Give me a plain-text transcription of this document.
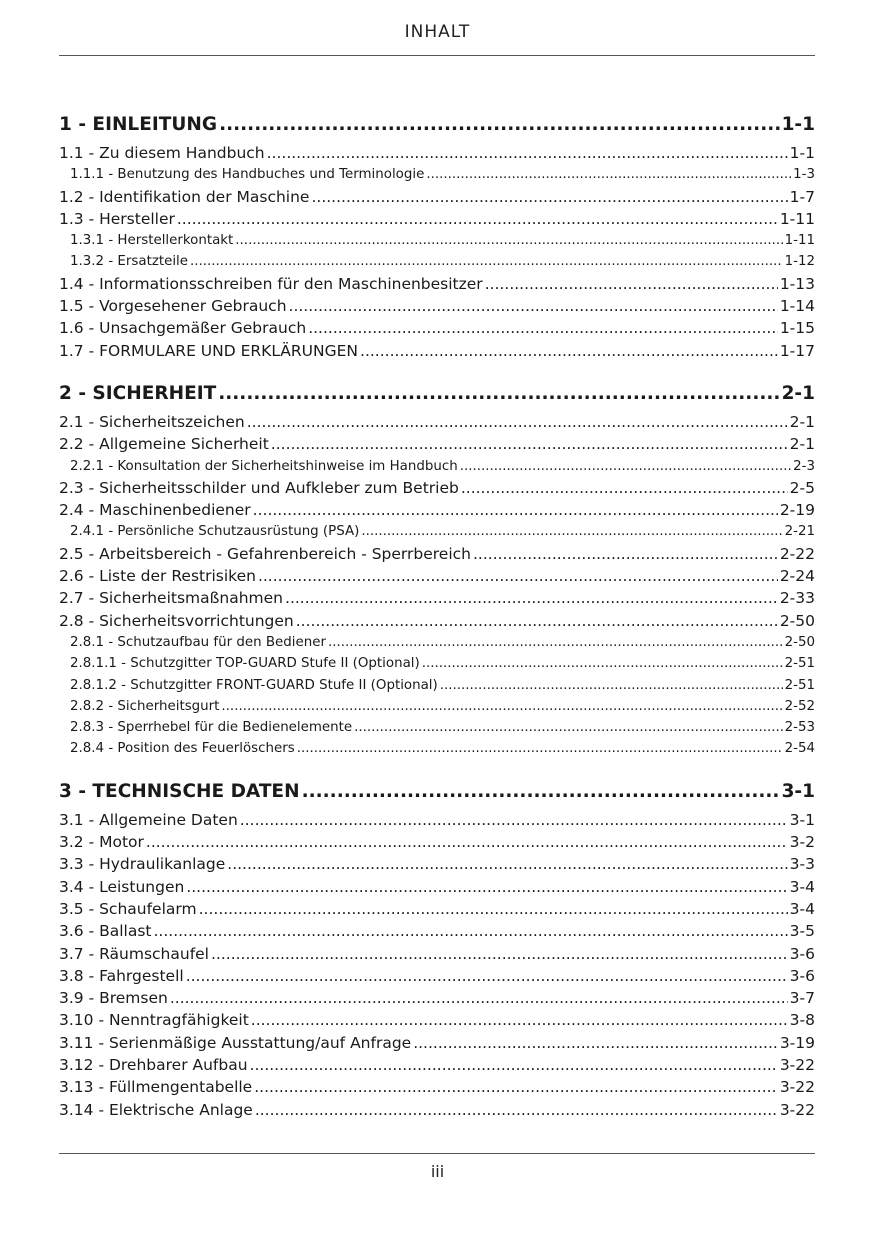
INHALT
1 - EINLEITUNG .....	1-1
1.1 - Zu diesem Handbuch .....	1-1
1.1.1 - Benutzung des Handbuches und Terminologie .....	1-3
1.2 - Identifikation der Maschine .....	1-7
1.3 - Hersteller .....	1-11
1.3.1 - Herstellerkontakt .....	1-11
1.3.2 - Ersatzteile .....	1-12
1.4 - Informationsschreiben für den Maschinenbesitzer .....	1-13
1.5 - Vorgesehener Gebrauch .....	1-14
1.6 - Unsachgemäßer Gebrauch .....	1-15
1.7 - FORMULARE UND ERKLÄRUNGEN .....	1-17
2 - SICHERHEIT .....	2-1
2.1 - Sicherheitszeichen .....	2-1
2.2 - Allgemeine Sicherheit .....	2-1
2.2.1 - Konsultation der Sicherheitshinweise im Handbuch .....	2-3
2.3 - Sicherheitsschilder und Aufkleber zum Betrieb .....	2-5
2.4 - Maschinenbediener .....	2-19
2.4.1 - Persönliche Schutzausrüstung (PSA) .....	2-21
2.5 - Arbeitsbereich - Gefahrenbereich - Sperrbereich .....	2-22
2.6 - Liste der Restrisiken .....	2-24
2.7 - Sicherheitsmaßnahmen .....	2-33
2.8 - Sicherheitsvorrichtungen .....	2-50
2.8.1 - Schutzaufbau für den Bediener .....	2-50
2.8.1.1 - Schutzgitter TOP-GUARD Stufe II (Optional) .....	2-51
2.8.1.2 - Schutzgitter FRONT-GUARD Stufe II (Optional) .....	2-51
2.8.2 - Sicherheitsgurt .....	2-52
2.8.3 - Sperrhebel für die Bedienelemente .....	2-53
2.8.4 - Position des Feuerlöschers .....	2-54
3 - TECHNISCHE DATEN .....	3-1
3.1 - Allgemeine Daten .....	3-1
3.2 - Motor .....	3-2
3.3 - Hydraulikanlage .....	3-3
3.4 - Leistungen .....	3-4
3.5 - Schaufelarm .....	3-4
3.6 - Ballast .....	3-5
3.7 - Räumschaufel .....	3-6
3.8 - Fahrgestell .....	3-6
3.9 - Bremsen .....	3-7
3.10 - Nenntragfähigkeit .....	3-8
3.11 - Serienmäßige Ausstattung/auf Anfrage .....	3-19
3.12 - Drehbarer Aufbau .....	3-22
3.13 - Füllmengentabelle .....	3-22
3.14 - Elektrische Anlage .....	3-22
iii
